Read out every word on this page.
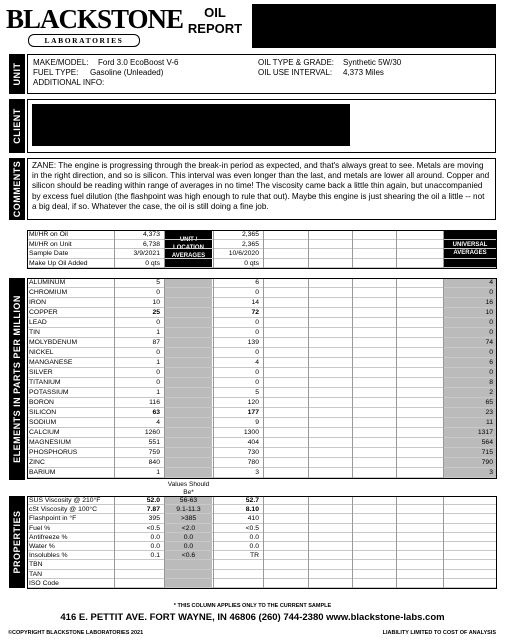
BLACKSTONE
LABORATORIES
OIL
REPORT
UNIT MAKE/MODEL: Ford 3.0 EcoBoost V-6
FUEL TYPE: Gasoline (Unleaded)
ADDITIONAL INFO:
OIL TYPE & GRADE: Synthetic 5W/30
OIL USE INTERVAL: 4,373 Miles
CLIENT
COMMENTS	ZANE: The engine is progressing through the break-in period as expected, and that's always great to see. Metals are moving in the right direction, and so is silicon. This interval was even longer than the last, and metals are lower all around. Copper and silicon should be reading within range of averages in no time! The viscosity came back a little thin again, but unaccompanied by excess fuel dilution (the flashpoint was high enough to rule that out). Maybe this engine is just shearing the oil a little -- not a big deal, if so. Whatever the case, the oil is still doing a fine job.
UNIT / LOCATION AVERAGES
UNIVERSAL AVERAGES
MI/HR on Oil	4,373	2,365
MI/HR on Unit	6,738	2,365
Sample Date	3/9/2021	10/6/2020
Make Up Oil Added	0 qts	0 qts
ELEMENTS IN PARTS PER MILLION
ALUMINUM	5	6	4
CHROMIUM	0	0	0
IRON	10	14	16
COPPER	25	72	10
LEAD	0	0	0
TIN	1	0	0
MOLYBDENUM	87	139	74
NICKEL	0	0	0
MANGANESE	1	4	6
SILVER	0	0	0
TITANIUM	0	0	8
POTASSIUM	1	5	2
BORON	116	120	65
SILICON	63	177	23
SODIUM	4	9	11
CALCIUM	1260	1300	1317
MAGNESIUM	551	404	564
PHOSPHORUS	759	730	715
ZINC	840	780	790
BARIUM	1	3	3
Values Should Be*
PROPERTIES
SUS Viscosity @ 210°F	52.0	56-63	52.7
cSt Viscosity @ 100°C	7.87	9.1-11.3	8.10
Flashpoint in °F	395	>385	410
Fuel %	<0.5	<2.0	<0.5
Antifreeze %	0.0	0.0	0.0
Water %	0.0	0.0	0.0
Insolubles %	0.1	<0.6	TR
TBN
TAN
ISO Code
* THIS COLUMN APPLIES ONLY TO THE CURRENT SAMPLE
416 E. PETTIT AVE. FORT WAYNE, IN 46806 (260) 744-2380 www.blackstone-labs.com
©COPYRIGHT BLACKSTONE LABORATORIES 2021	LIABILITY LIMITED TO COST OF ANALYSIS
